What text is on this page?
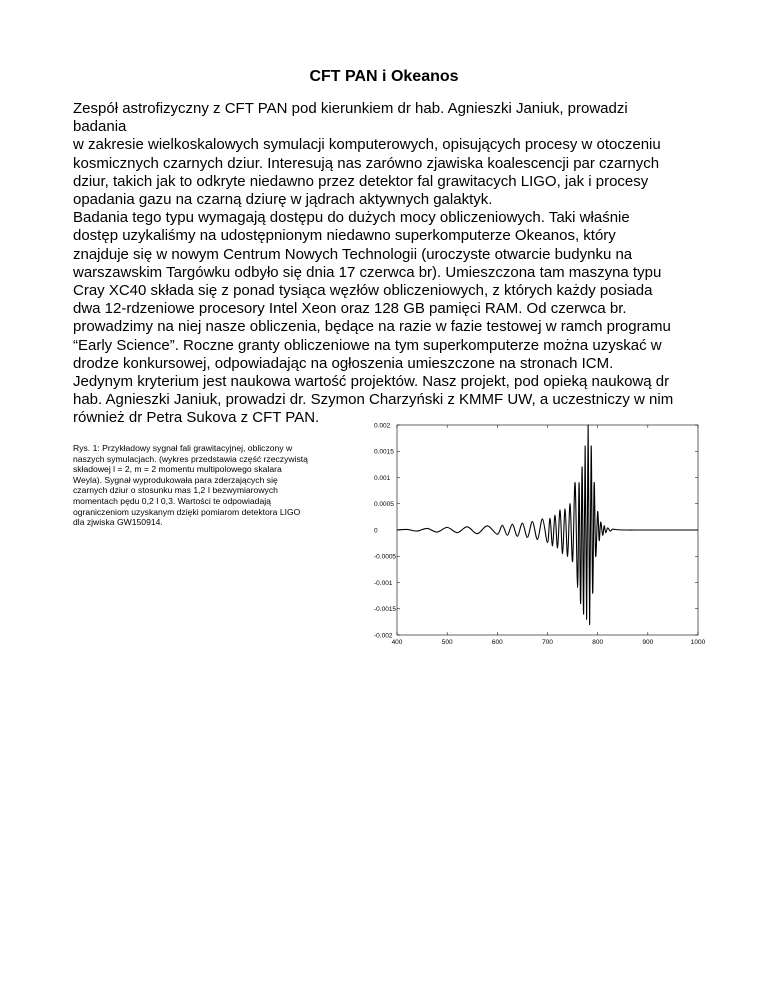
CFT PAN i Okeanos
Zespół astrofizyczny z CFT PAN pod kierunkiem dr hab. Agnieszki Janiuk, prowadzi
badania
w zakresie wielkoskalowych symulacji komputerowych, opisujących procesy w otoczeniu
kosmicznych czarnych dziur. Interesują nas zarówno zjawiska koalescencji par czarnych
dziur, takich jak to odkryte niedawno przez detektor fal grawitacych LIGO, jak i procesy
opadania gazu na czarną dziurę w jądrach aktywnych galaktyk.
Badania tego typu wymagają dostępu do dużych mocy obliczeniowych. Taki właśnie
dostęp uzykaliśmy na udostępnionym niedawno superkomputerze Okeanos, który
znajduje się w nowym Centrum Nowych Technologii (uroczyste otwarcie budynku na
warszawskim Targówku odbyło się dnia 17 czerwca br). Umieszczona tam maszyna typu
Cray XC40 składa się z ponad tysiąca węzłów obliczeniowych, z których każdy posiada
dwa 12-rdzeniowe procesory Intel Xeon oraz 128 GB pamięci RAM. Od czerwca br.
prowadzimy na niej nasze obliczenia, będące na razie w fazie testowej w ramch programu
“Early Science”. Roczne granty obliczeniowe na tym superkomputerze można uzyskać w
drodze konkursowej, odpowiadając na ogłoszenia umieszczone na stronach ICM.
Jedynym kryterium jest naukowa wartość projektów. Nasz projekt, pod opieką naukową dr
hab. Agnieszki Janiuk, prowadzi dr. Szymon Charzyński z KMMF UW, a uczestniczy w nim
również dr Petra Sukova z CFT PAN.
Rys. 1: Przykładowy sygnał fali grawitacyjnej, obliczony w
naszych symulacjach. (wykres przedstawia część rzeczywistą
składowej l = 2, m = 2 momentu multipolowego skalara
Weyla). Sygnał wyprodukowała para zderzających się
czarnych dziur o stosunku mas 1,2 I bezwymiarowych
momentach pędu 0,2 I 0,3. Wartości te odpowiadają
ograniczeniom uzyskanym dzięki pomiarom detektora LIGO
dla zjwiska GW150914.
0.002
0.0015
0.001
0.0005
0
-0.0005
-0.001
-0.0015
-0.002
400	500	600	700	800	900	1000
